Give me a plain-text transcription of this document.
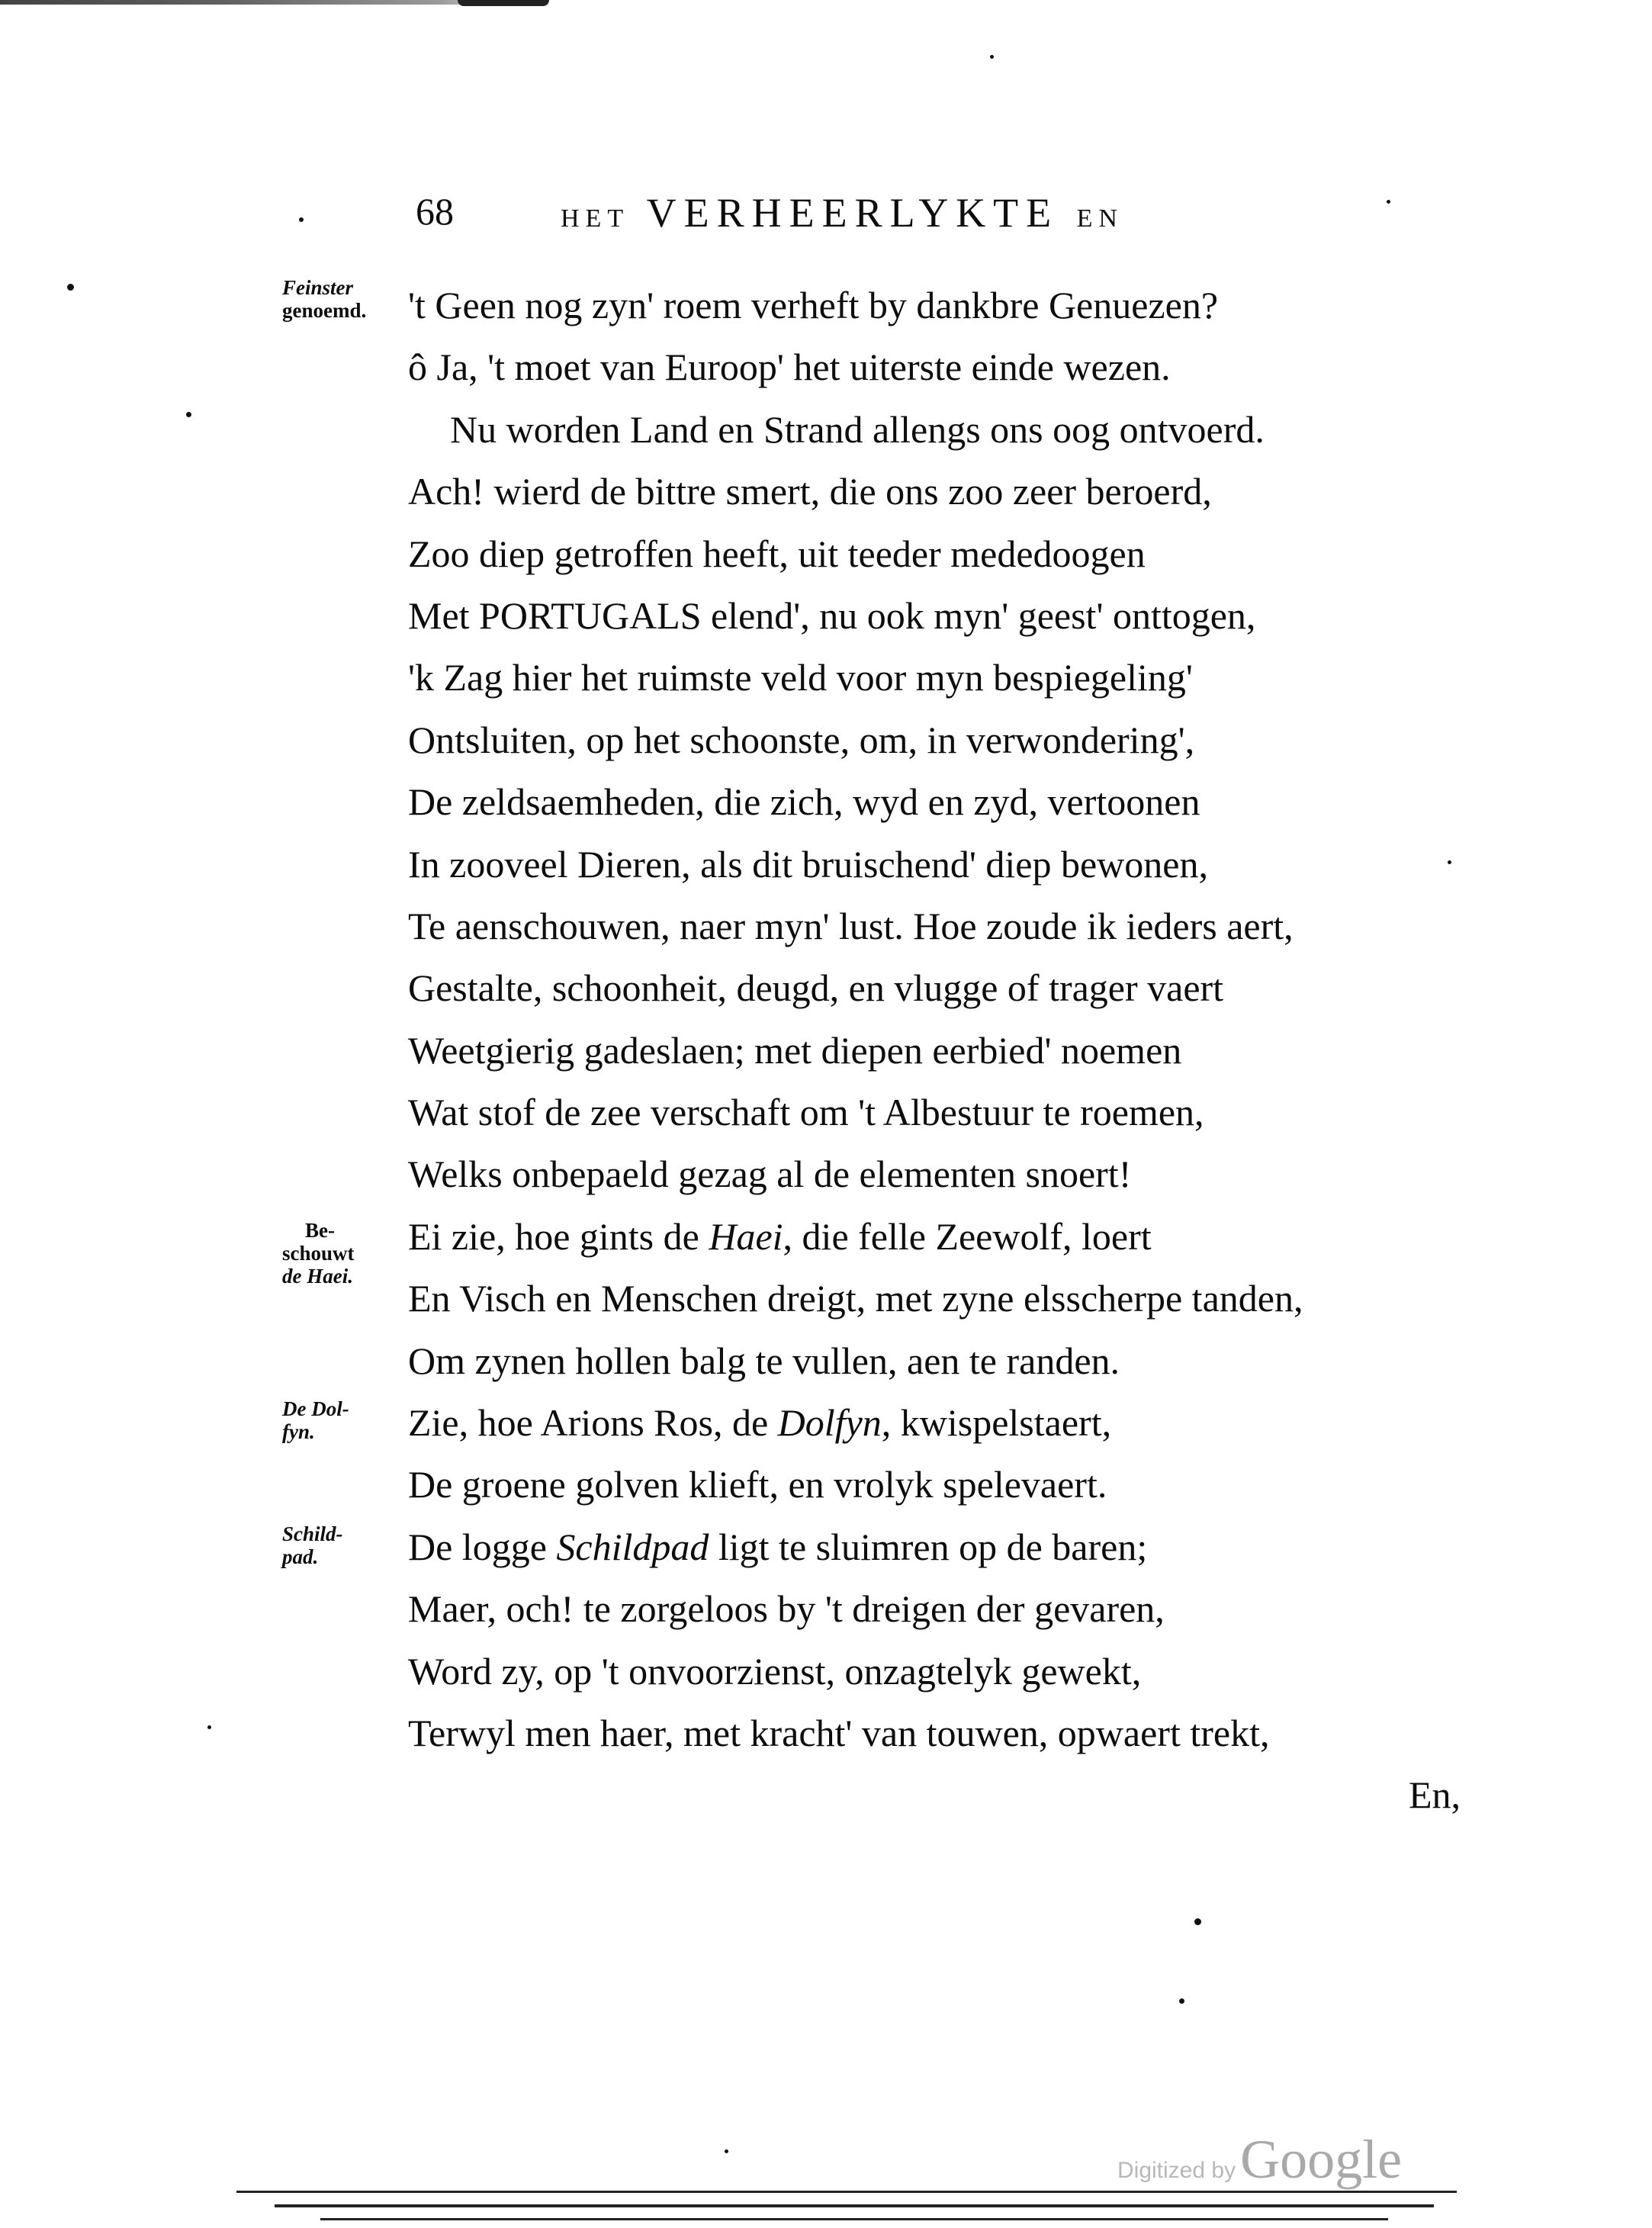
68	HET VERHEERLYKTE EN
Feinster
genoemd.
Be-
schouwt
de Haei.
De Dol-
fyn.
Schild-
pad.
't Geen nog zyn' roem verheft by dankbre Genuezen?
ô Ja, 't moet van Euroop' het uiterste einde wezen.
Nu worden Land en Strand allengs ons oog ontvoerd.
Ach! wierd de bittre smert, die ons zoo zeer beroerd,
Zoo diep getroffen heeft, uit teeder mededoogen
Met PORTUGALS elend', nu ook myn' geest' onttogen,
'k Zag hier het ruimste veld voor myn bespiegeling'
Ontsluiten, op het schoonste, om, in verwondering',
De zeldsaemheden, die zich, wyd en zyd, vertoonen
In zooveel Dieren, als dit bruischend' diep bewonen,
Te aenschouwen, naer myn' lust. Hoe zoude ik ieders aert,
Gestalte, schoonheit, deugd, en vlugge of trager vaert
Weetgierig gadeslaen; met diepen eerbied' noemen
Wat stof de zee verschaft om 't Albestuur te roemen,
Welks onbepaeld gezag al de elementen snoert!
Ei zie, hoe gints de Haei, die felle Zeewolf, loert
En Visch en Menschen dreigt, met zyne elsscherpe tanden,
Om zynen hollen balg te vullen, aen te randen.
Zie, hoe Arions Ros, de Dolfyn, kwispelstaert,
De groene golven klieft, en vrolyk spelevaert.
De logge Schildpad ligt te sluimren op de baren;
Maer, och! te zorgeloos by 't dreigen der gevaren,
Word zy, op 't onvoorzienst, onzagtelyk gewekt,
Terwyl men haer, met kracht' van touwen, opwaert trekt,
En,
Digitized byGoogle
